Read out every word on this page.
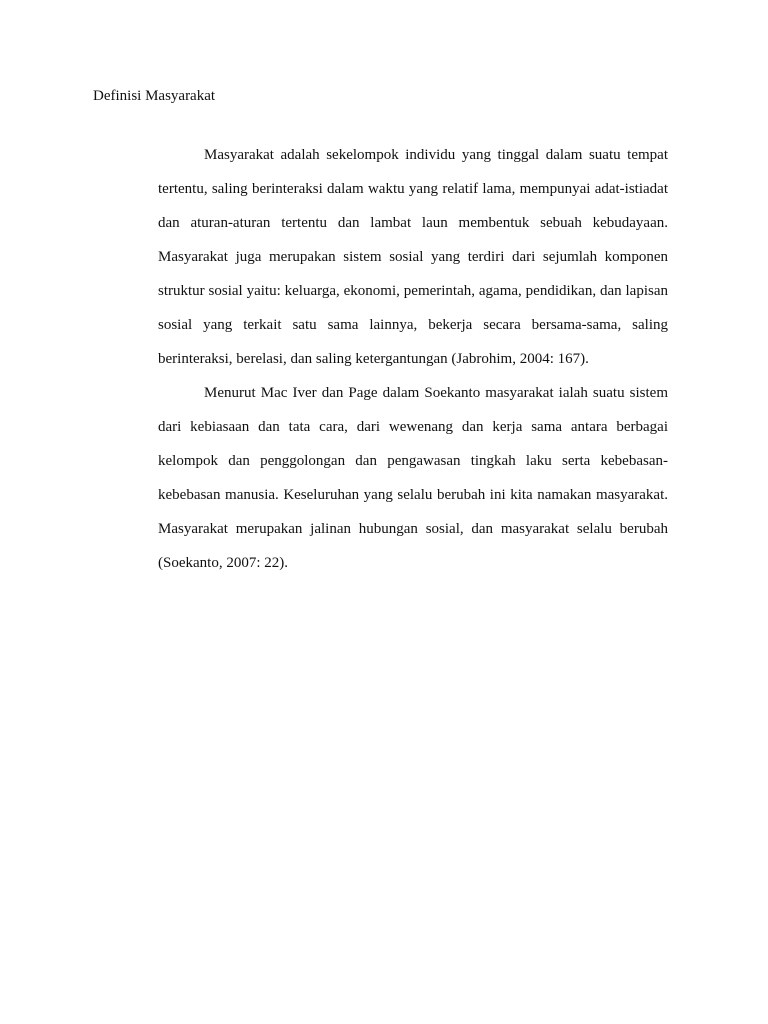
Definisi Masyarakat

Masyarakat adalah sekelompok individu yang tinggal dalam suatu tempat tertentu, saling berinteraksi dalam waktu yang relatif lama, mempunyai adat-istiadat dan aturan-aturan tertentu dan lambat laun membentuk sebuah kebudayaan. Masyarakat juga merupakan sistem sosial yang terdiri dari sejumlah komponen struktur sosial yaitu: keluarga, ekonomi, pemerintah, agama, pendidikan, dan lapisan sosial yang terkait satu sama lainnya, bekerja secara bersama-sama, saling berinteraksi, berelasi, dan saling ketergantungan (Jabrohim, 2004: 167).

Menurut Mac Iver dan Page dalam Soekanto masyarakat ialah suatu sistem dari kebiasaan dan tata cara, dari wewenang dan kerja sama antara berbagai kelompok dan penggolongan dan pengawasan tingkah laku serta kebebasan-kebebasan manusia. Keseluruhan yang selalu berubah ini kita namakan masyarakat. Masyarakat merupakan jalinan hubungan sosial, dan masyarakat selalu berubah (Soekanto, 2007: 22).
